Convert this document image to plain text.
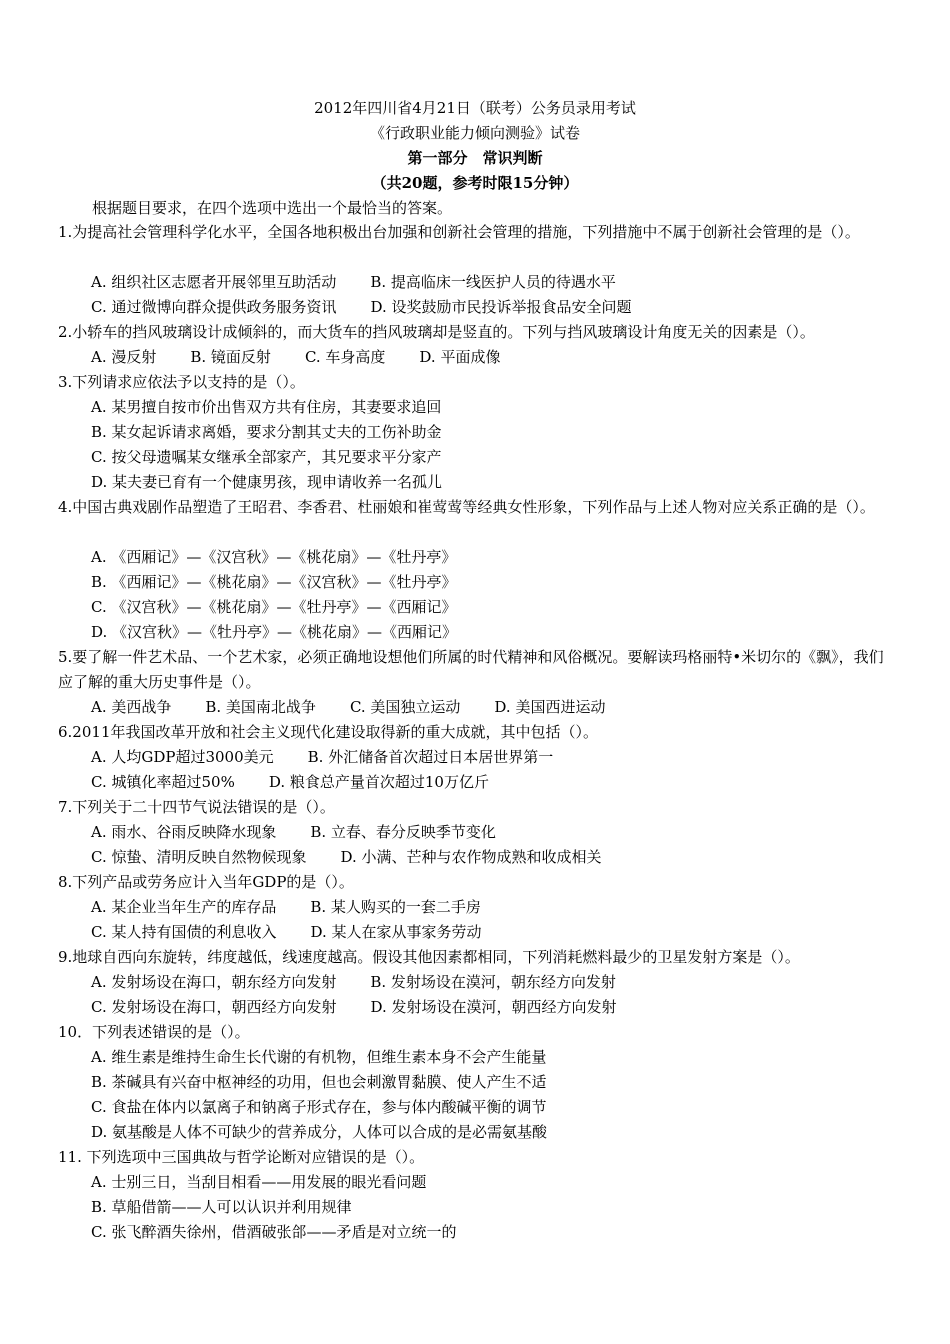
2012年四川省4月21日（联考）公务员录用考试
《行政职业能力倾向测验》试卷
第一部分　常识判断
（共20题，参考时限15分钟）
根据题目要求，在四个选项中选出一个最恰当的答案。
1.为提高社会管理科学化水平，全国各地积极出台加强和创新社会管理的措施，下列措施中不属于创新社会管理的是（）。
A. 组织社区志愿者开展邻里互助活动 B. 提高临床一线医护人员的待遇水平
C. 通过微博向群众提供政务服务资讯 D. 设奖鼓励市民投诉举报食品安全问题
2.小轿车的挡风玻璃设计成倾斜的，而大货车的挡风玻璃却是竖直的。下列与挡风玻璃设计角度无关的因素是（）。
A. 漫反射 B. 镜面反射 C. 车身高度 D. 平面成像
3.下列请求应依法予以支持的是（）。
A. 某男擅自按市价出售双方共有住房，其妻要求追回
B. 某女起诉请求离婚，要求分割其丈夫的工伤补助金
C. 按父母遗嘱某女继承全部家产，其兄要求平分家产
D. 某夫妻已育有一个健康男孩，现申请收养一名孤儿
4.中国古典戏剧作品塑造了王昭君、李香君、杜丽娘和崔莺莺等经典女性形象，下列作品与上述人物对应关系正确的是（）。
A. 《西厢记》—《汉宫秋》—《桃花扇》—《牡丹亭》
B. 《西厢记》—《桃花扇》—《汉宫秋》—《牡丹亭》
C. 《汉宫秋》—《桃花扇》—《牡丹亭》—《西厢记》
D. 《汉宫秋》—《牡丹亭》—《桃花扇》—《西厢记》
5.要了解一件艺术品、一个艺术家，必须正确地设想他们所属的时代精神和风俗概况。要解读玛格丽特•米切尔的《飘》，我们应了解的重大历史事件是（）。
A. 美西战争 B. 美国南北战争 C. 美国独立运动 D. 美国西进运动
6.2011年我国改革开放和社会主义现代化建设取得新的重大成就，其中包括（）。
A. 人均GDP超过3000美元 B. 外汇储备首次超过日本居世界第一
C. 城镇化率超过50% D. 粮食总产量首次超过10万亿斤
7.下列关于二十四节气说法错误的是（）。
A. 雨水、谷雨反映降水现象 B. 立春、春分反映季节变化
C. 惊蛰、清明反映自然物候现象 D. 小满、芒种与农作物成熟和收成相关
8.下列产品或劳务应计入当年GDP的是（）。
A. 某企业当年生产的库存品 B. 某人购买的一套二手房
C. 某人持有国债的利息收入 D. 某人在家从事家务劳动
9.地球自西向东旋转，纬度越低，线速度越高。假设其他因素都相同，下列消耗燃料最少的卫星发射方案是（）。
A. 发射场设在海口，朝东经方向发射 B. 发射场设在漠河，朝东经方向发射
C. 发射场设在海口，朝西经方向发射 D. 发射场设在漠河，朝西经方向发射
10．下列表述错误的是（）。
A. 维生素是维持生命生长代谢的有机物，但维生素本身不会产生能量
B. 茶碱具有兴奋中枢神经的功用，但也会刺激胃黏膜、使人产生不适
C. 食盐在体内以氯离子和钠离子形式存在，参与体内酸碱平衡的调节
D. 氨基酸是人体不可缺少的营养成分，人体可以合成的是必需氨基酸
11. 下列选项中三国典故与哲学论断对应错误的是（）。
A. 士别三日，当刮目相看——用发展的眼光看问题
B. 草船借箭——人可以认识并利用规律
C. 张飞醉酒失徐州，借酒破张郃——矛盾是对立统一的
